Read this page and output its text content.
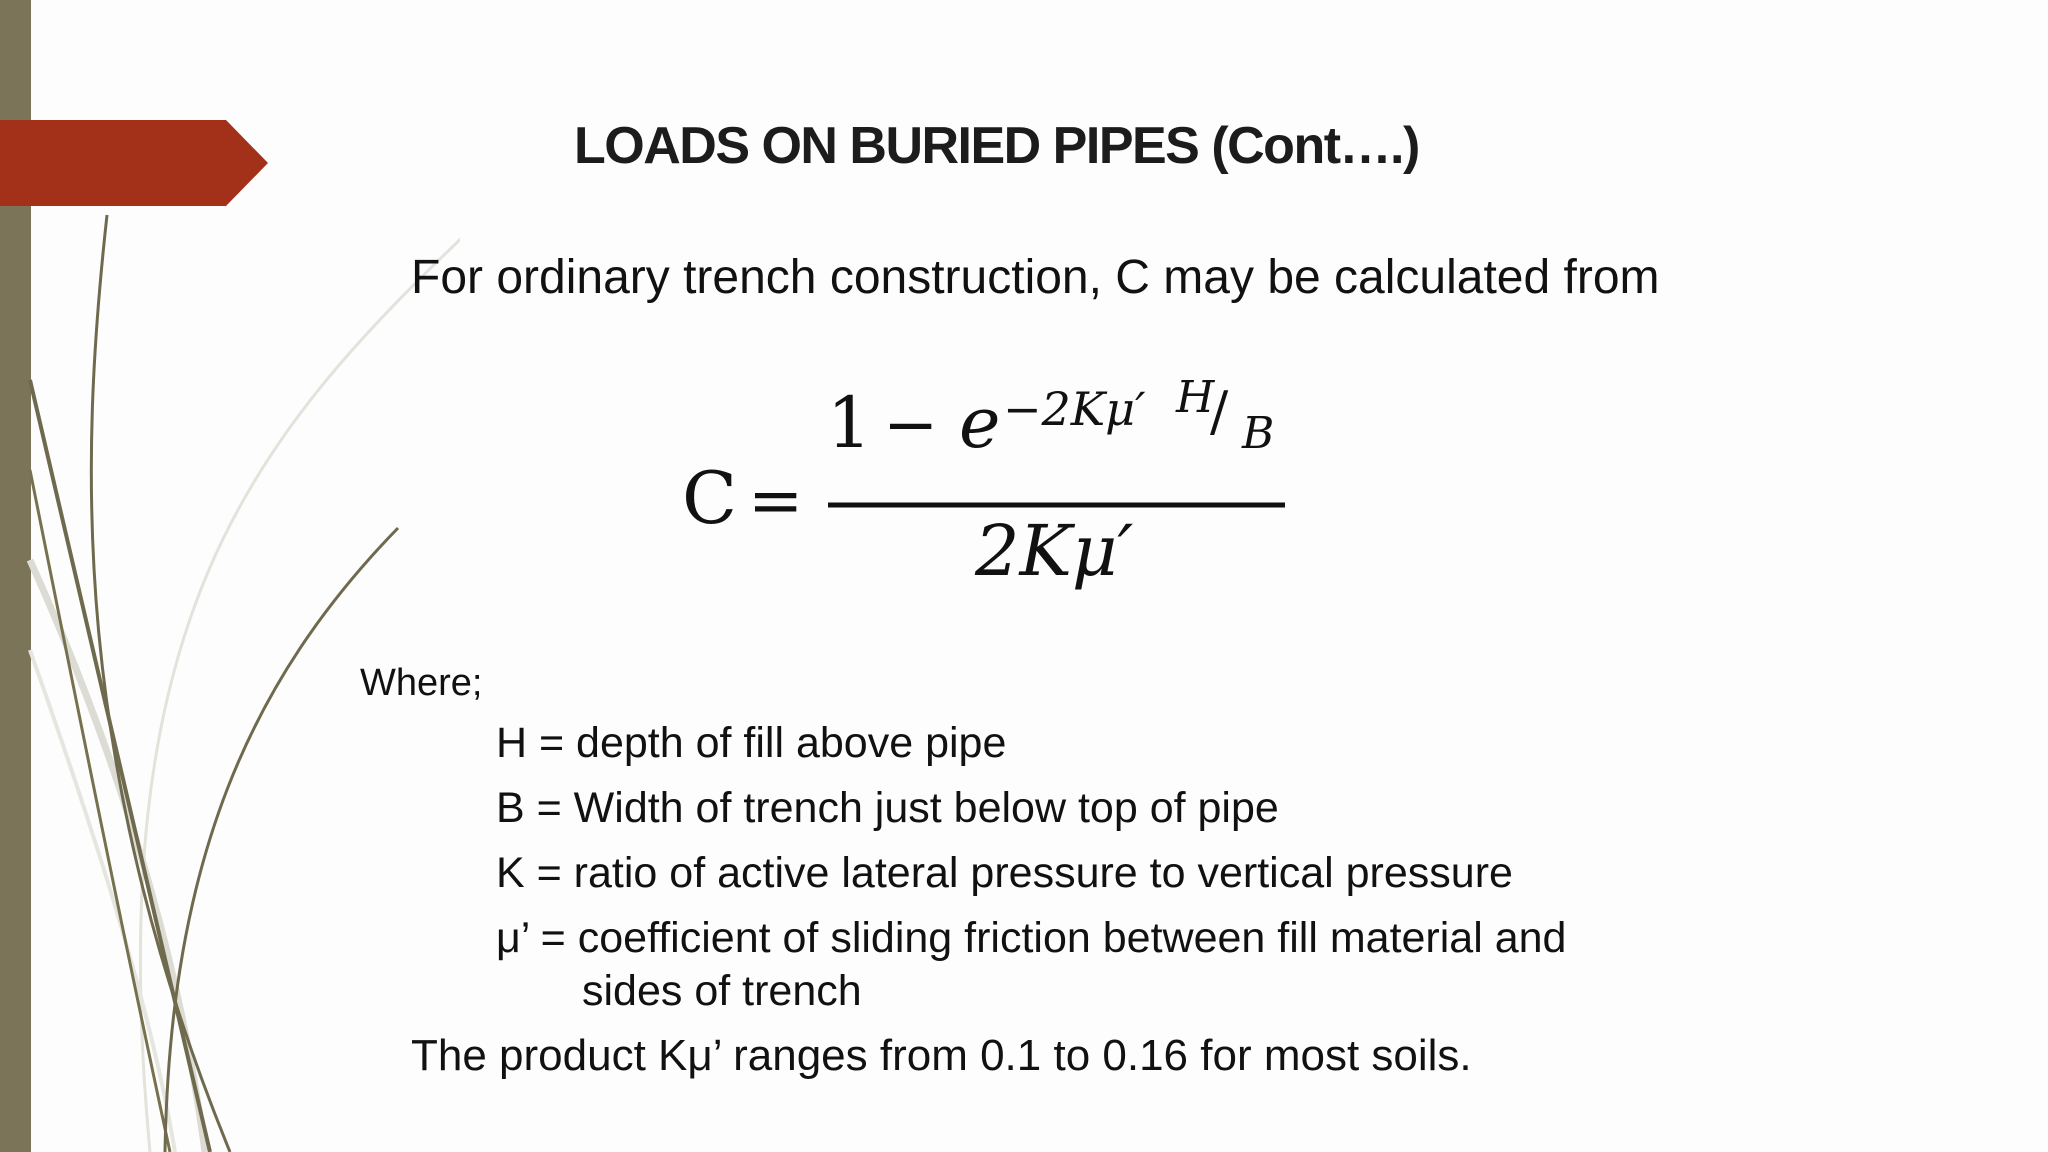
LOADS ON BURIED PIPES (Cont….)

For ordinary trench construction, C may be calculated from

C =
1 − e −2Kμ′ H
/ B
2Kμ′

Where;

H = depth of fill above pipe

B = Width of trench just below top of pipe

K = ratio of active lateral pressure to vertical pressure

μ’ = coefficient of sliding friction between fill material and

sides of trench

The product Kμ’ ranges from 0.1 to 0.16 for most soils.
